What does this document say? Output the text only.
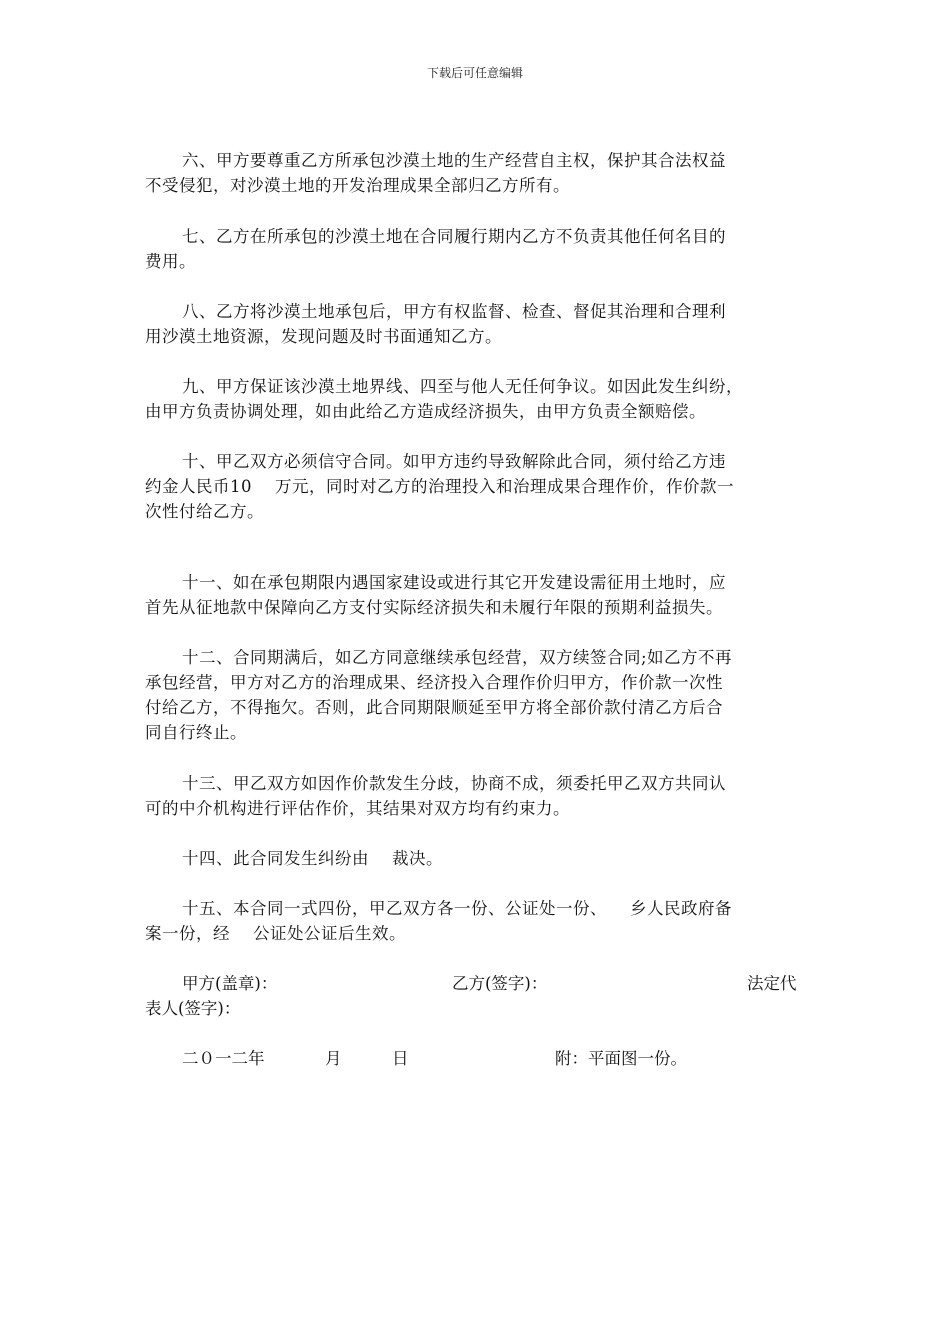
下载后可任意编辑

六、甲方要尊重乙方所承包沙漠土地的生产经营自主权，保护其合法权益
不受侵犯，对沙漠土地的开发治理成果全部归乙方所有。

七、乙方在所承包的沙漠土地在合同履行期内乙方不负责其他任何名目的
费用。

八、乙方将沙漠土地承包后，甲方有权监督、检查、督促其治理和合理利
用沙漠土地资源，发现问题及时书面通知乙方。

九、甲方保证该沙漠土地界线、四至与他人无任何争议。如因此发生纠纷，
由甲方负责协调处理，如由此给乙方造成经济损失，由甲方负责全额赔偿。

十、甲乙双方必须信守合同。如甲方违约导致解除此合同，须付给乙方违
约金人民币10    万元，同时对乙方的治理投入和治理成果合理作价，作价款一
次性付给乙方。

十一、如在承包期限内遇国家建设或进行其它开发建设需征用土地时，应
首先从征地款中保障向乙方支付实际经济损失和未履行年限的预期利益损失。

十二、合同期满后，如乙方同意继续承包经营，双方续签合同;如乙方不再
承包经营，甲方对乙方的治理成果、经济投入合理作价归甲方，作价款一次性
付给乙方，不得拖欠。否则，此合同期限顺延至甲方将全部价款付清乙方后合
同自行终止。

十三、甲乙双方如因作价款发生分歧，协商不成，须委托甲乙双方共同认
可的中介机构进行评估作价，其结果对双方均有约束力。

十四、此合同发生纠纷由    裁决。

十五、本合同一式四份，甲乙双方各一份、公证处一份、    乡人民政府备
案一份，经    公证处公证后生效。

甲方(盖章)：	乙方(签字)：	法定代
表人(签字)：
二０一二年	月	日	附：平面图一份。
